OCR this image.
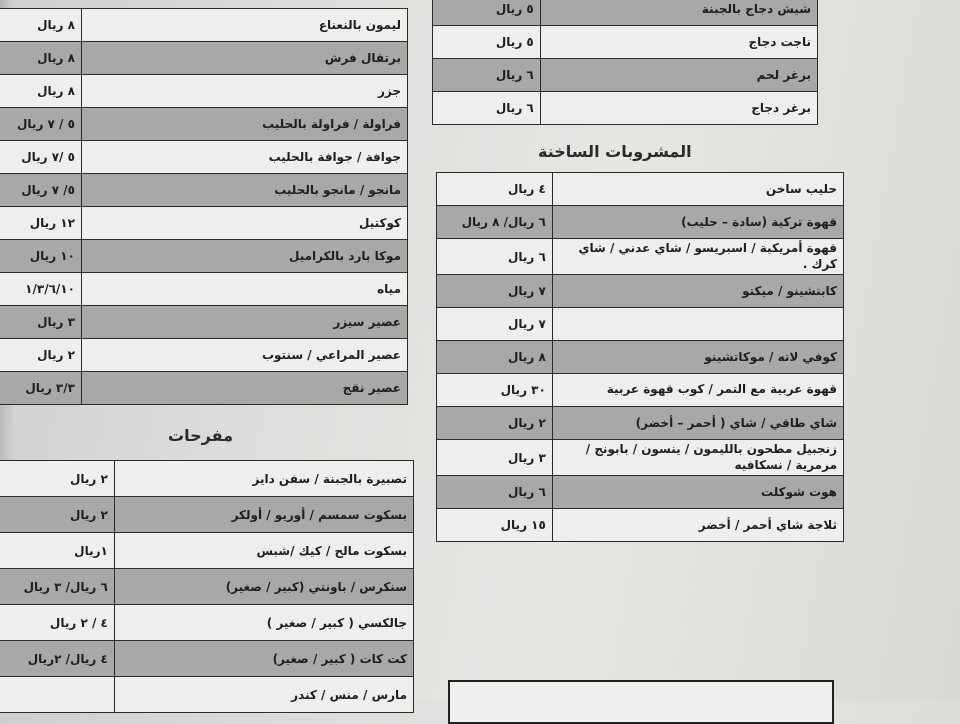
ليمون بالنعناع	٨ ريال
برتقال فرش	٨ ريال
جزر	٨ ريال
فراولة / فراولة بالحليب	٥ / ٧ ريال
جوافة / جوافة بالحليب	٥ /٧ ريال
مانجو / مانجو بالحليب	٥/ ٧ ريال
كوكتيل	١٢ ريال
موكا بارد بالكراميل	١٠ ريال
مياه	١/٣/٦/١٠
عصير سيزر	٣ ريال
عصير المراعي / سنتوب	٢ ريال
عصير نقج	٣/٣ ريال
مفرحات
تصبيرة بالجبنة / سفن دايز	٢ ريال
بسكوت سمسم / أوريو / أولكر	٢ ريال
بسكوت مالح / كيك /شبس	١ريال
سنكرس / باونتي (كبير / صغير)	٦ ريال/ ٣ ريال
جالكسي ( كبير / صغير )	٤ / ٢ ريال
كت كات ( كبير / صغير)	٤ ريال/ ٢ريال
مارس / منس / كندر	
شيش دجاج بالجبنة	٥ ريال
ناجت دجاج	٥ ريال
برغر لحم	٦ ريال
برغر دجاج	٦ ريال
المشروبات الساخنة
حليب ساخن	٤ ريال
قهوة تركية (سادة – حليب)	٦ ريال/ ٨ ريال
قهوة أمريكية / اسبريسو / شاي عدني / شاي كرك .	٦ ريال
كابتشينو / ميكتو	٧ ريال
	٧ ريال
كوفي لاته / موكاتشينو	٨ ريال
قهوة عربية مع التمر / كوب قهوة عربية	٣٠ ريال
شاي طاقي / شاي ( أحمر – أخضر)	٢ ريال
زنجبيل مطحون بالليمون / ينسون / بابونج / مرمرية / نسكافيه	٣ ريال
هوت شوكلت	٦ ريال
ثلاجة شاي أحمر / أخضر	١٥ ريال
